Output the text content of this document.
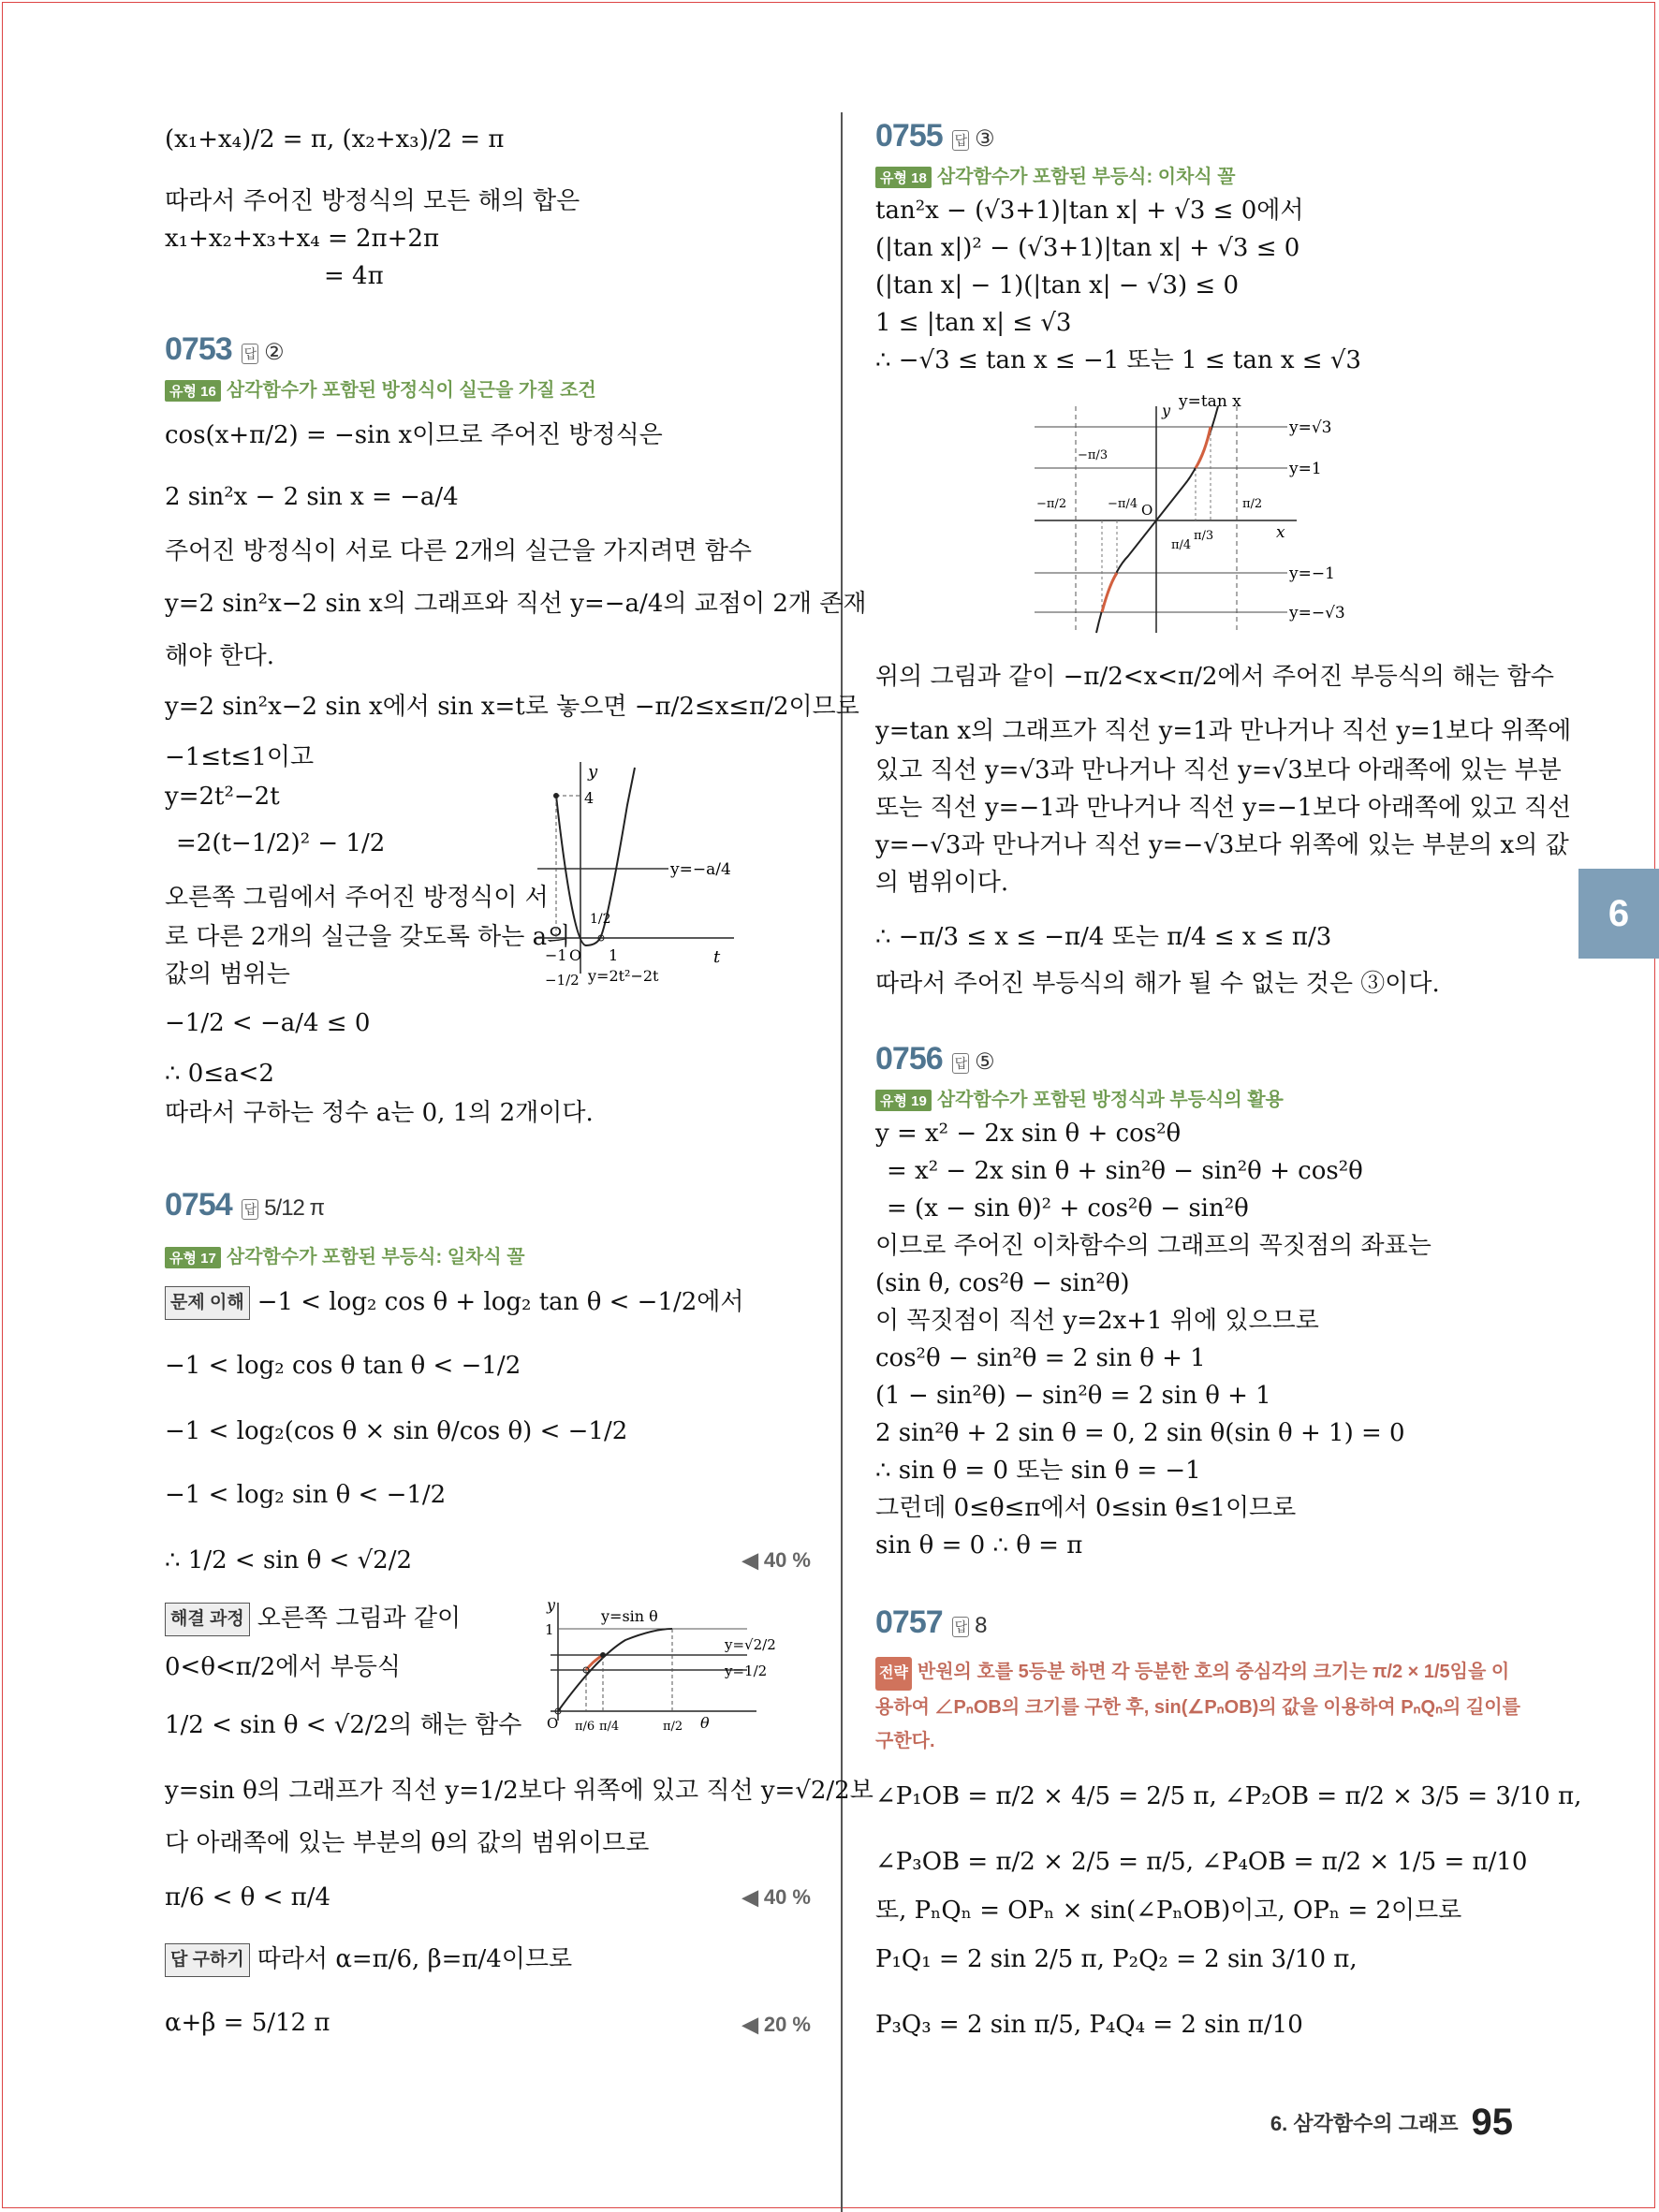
(x₁+x₄)/2 = π, (x₂+x₃)/2 = π
따라서 주어진 방정식의 모든 해의 합은
x₁+x₂+x₃+x₄ = 2π+2π
= 4π
0753 답 ②
유형 16 삼각함수가 포함된 방정식이 실근을 가질 조건
cos(x+π/2) = −sin x이므로 주어진 방정식은
2 sin²x − 2 sin x = −a/4
주어진 방정식이 서로 다른 2개의 실근을 가지려면 함수
y=2 sin²x−2 sin x의 그래프와 직선 y=−a/4의 교점이 2개 존재
해야 한다.
y=2 sin²x−2 sin x에서 sin x=t로 놓으면 −π/2≤x≤π/2이므로
−1≤t≤1이고
y=2t²−2t
=2(t−1/2)² − 1/2
오른쪽 그림에서 주어진 방정식이 서
로 다른 2개의 실근을 갖도록 하는 a의
값의 범위는
−1/2 < −a/4 ≤ 0
∴ 0≤a<2
따라서 구하는 정수 a는 0, 1의 2개이다.
y
4
t
y=−a/4
−1 O
1/2
1
−1/2 y=2t²−2t
0754 답 5/12 π
유형 17 삼각함수가 포함된 부등식: 일차식 꼴
문제 이해 −1 < log₂ cos θ + log₂ tan θ < −1/2에서
−1 < log₂ cos θ tan θ < −1/2
−1 < log₂(cos θ × sin θ/cos θ) < −1/2
−1 < log₂ sin θ < −1/2
∴ 1/2 < sin θ < √2/2	◀ 40 %
해결 과정 오른쪽 그림과 같이
0<θ<π/2에서 부등식
1/2 < sin θ < √2/2의 해는 함수
y=sin θ의 그래프가 직선 y=1/2보다 위쪽에 있고 직선 y=√2/2보
다 아래쪽에 있는 부분의 θ의 값의 범위이므로
π/6 < θ < π/4	◀ 40 %
답 구하기 따라서 α=π/6, β=π/4이므로
α+β = 5/12 π	◀ 20 %
y
1
y=sin θ
y=√2/2
y=1/2
O π/6 π/4	π/2 θ
0755 답 ③
유형 18 삼각함수가 포함된 부등식: 이차식 꼴
tan²x − (√3+1)|tan x| + √3 ≤ 0에서
(|tan x|)² − (√3+1)|tan x| + √3 ≤ 0
(|tan x| − 1)(|tan x| − √3) ≤ 0
1 ≤ |tan x| ≤ √3
∴ −√3 ≤ tan x ≤ −1 또는 1 ≤ tan x ≤ √3
y y=tan x
y=√3
y=1
y=−1
y=−√3
x
−π/3
−π/2	−π/4 O
π/4
π/3
π/2
위의 그림과 같이 −π/2<x<π/2에서 주어진 부등식의 해는 함수
y=tan x의 그래프가 직선 y=1과 만나거나 직선 y=1보다 위쪽에
있고 직선 y=√3과 만나거나 직선 y=√3보다 아래쪽에 있는 부분
또는 직선 y=−1과 만나거나 직선 y=−1보다 아래쪽에 있고 직선
y=−√3과 만나거나 직선 y=−√3보다 위쪽에 있는 부분의 x의 값
의 범위이다.
∴ −π/3 ≤ x ≤ −π/4 또는 π/4 ≤ x ≤ π/3
따라서 주어진 부등식의 해가 될 수 없는 것은 ③이다.
0756 답 ⑤
유형 19 삼각함수가 포함된 방정식과 부등식의 활용
y = x² − 2x sin θ + cos²θ
= x² − 2x sin θ + sin²θ − sin²θ + cos²θ
= (x − sin θ)² + cos²θ − sin²θ
이므로 주어진 이차함수의 그래프의 꼭짓점의 좌표는
(sin θ, cos²θ − sin²θ)
이 꼭짓점이 직선 y=2x+1 위에 있으므로
cos²θ − sin²θ = 2 sin θ + 1
(1 − sin²θ) − sin²θ = 2 sin θ + 1
2 sin²θ + 2 sin θ = 0, 2 sin θ(sin θ + 1) = 0
∴ sin θ = 0 또는 sin θ = −1
그런데 0≤θ≤π에서 0≤sin θ≤1이므로
sin θ = 0 ∴ θ = π
0757 답 8
전략 반원의 호를 5등분 하면 각 등분한 호의 중심각의 크기는 π/2 × 1/5임을 이용하여 ∠PₙOB의 크기를 구한 후, sin(∠PₙOB)의 값을 이용하여 PₙQₙ의 길이를 구한다.
∠P₁OB = π/2 × 4/5 = 2/5 π, ∠P₂OB = π/2 × 3/5 = 3/10 π,
∠P₃OB = π/2 × 2/5 = π/5, ∠P₄OB = π/2 × 1/5 = π/10
또, PₙQₙ = OPₙ × sin(∠PₙOB)이고, OPₙ = 2이므로
P₁Q₁ = 2 sin 2/5 π, P₂Q₂ = 2 sin 3/10 π,
P₃Q₃ = 2 sin π/5, P₄Q₄ = 2 sin π/10
6
6. 삼각함수의 그래프 95
